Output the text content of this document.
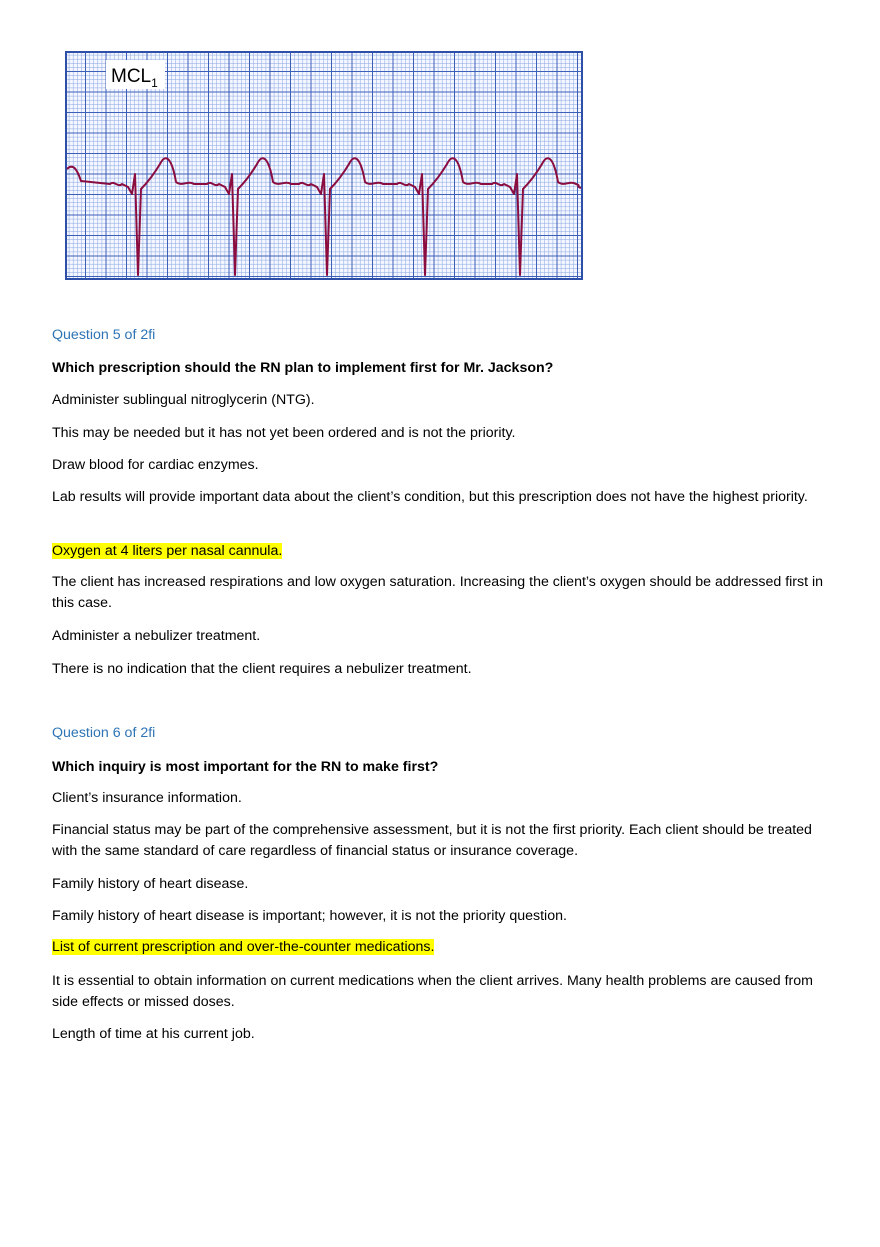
$MCL_1$

Question 5 of 2fi

Which prescription should the RN plan to implement first for Mr. Jackson?

Administer sublingual nitroglycerin (NTG).

This may be needed but it has not yet been ordered and is not the priority.

Draw blood for cardiac enzymes.

Lab results will provide important data about the client’s condition, but this prescription does not have the highest priority.

Oxygen at 4 liters per nasal cannula.

The client has increased respirations and low oxygen saturation. Increasing the client’s oxygen should be addressed first in this case.

Administer a nebulizer treatment.

There is no indication that the client requires a nebulizer treatment.

Question 6 of 2fi

Which inquiry is most important for the RN to make first?

Client’s insurance information.

Financial status may be part of the comprehensive assessment, but it is not the first priority. Each client should be treated with the same standard of care regardless of financial status or insurance coverage.

Family history of heart disease.

Family history of heart disease is important; however, it is not the priority question.

List of current prescription and over-the-counter medications.

It is essential to obtain information on current medications when the client arrives. Many health problems are caused from side effects or missed doses.

Length of time at his current job.
